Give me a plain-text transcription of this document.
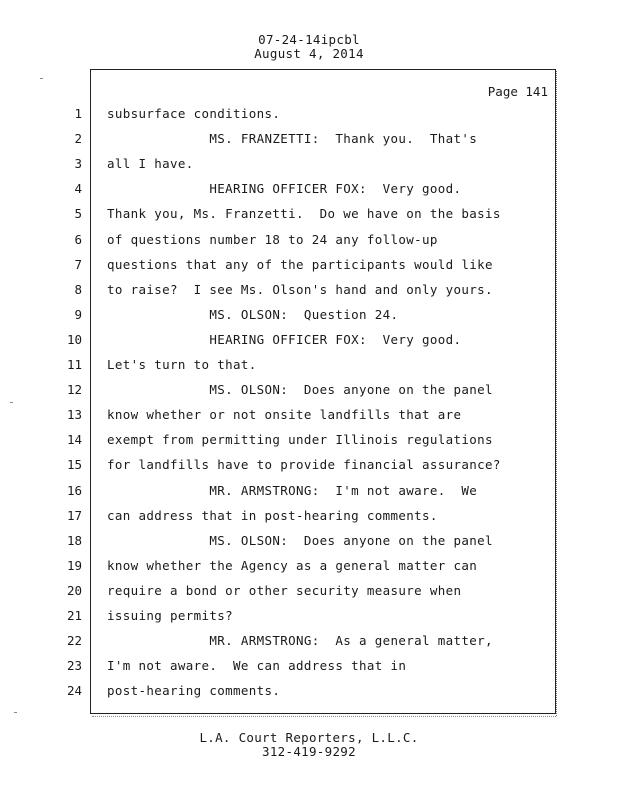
07-24-14ipcbl
August 4, 2014
Page 141
1 subsurface conditions.
2 MS. FRANZETTI:  Thank you.  That's
3 all I have.
4 HEARING OFFICER FOX:  Very good.
5 Thank you, Ms. Franzetti.  Do we have on the basis
6 of questions number 18 to 24 any follow-up
7 questions that any of the participants would like
8 to raise?  I see Ms. Olson's hand and only yours.
9 MS. OLSON:  Question 24.
10 HEARING OFFICER FOX:  Very good.
11 Let's turn to that.
12 MS. OLSON:  Does anyone on the panel
13 know whether or not onsite landfills that are
14 exempt from permitting under Illinois regulations
15 for landfills have to provide financial assurance?
16 MR. ARMSTRONG:  I'm not aware.  We
17 can address that in post-hearing comments.
18 MS. OLSON:  Does anyone on the panel
19 know whether the Agency as a general matter can
20 require a bond or other security measure when
21 issuing permits?
22 MR. ARMSTRONG:  As a general matter,
23 I'm not aware.  We can address that in
24 post-hearing comments.
L.A. Court Reporters, L.L.C.
312-419-9292
